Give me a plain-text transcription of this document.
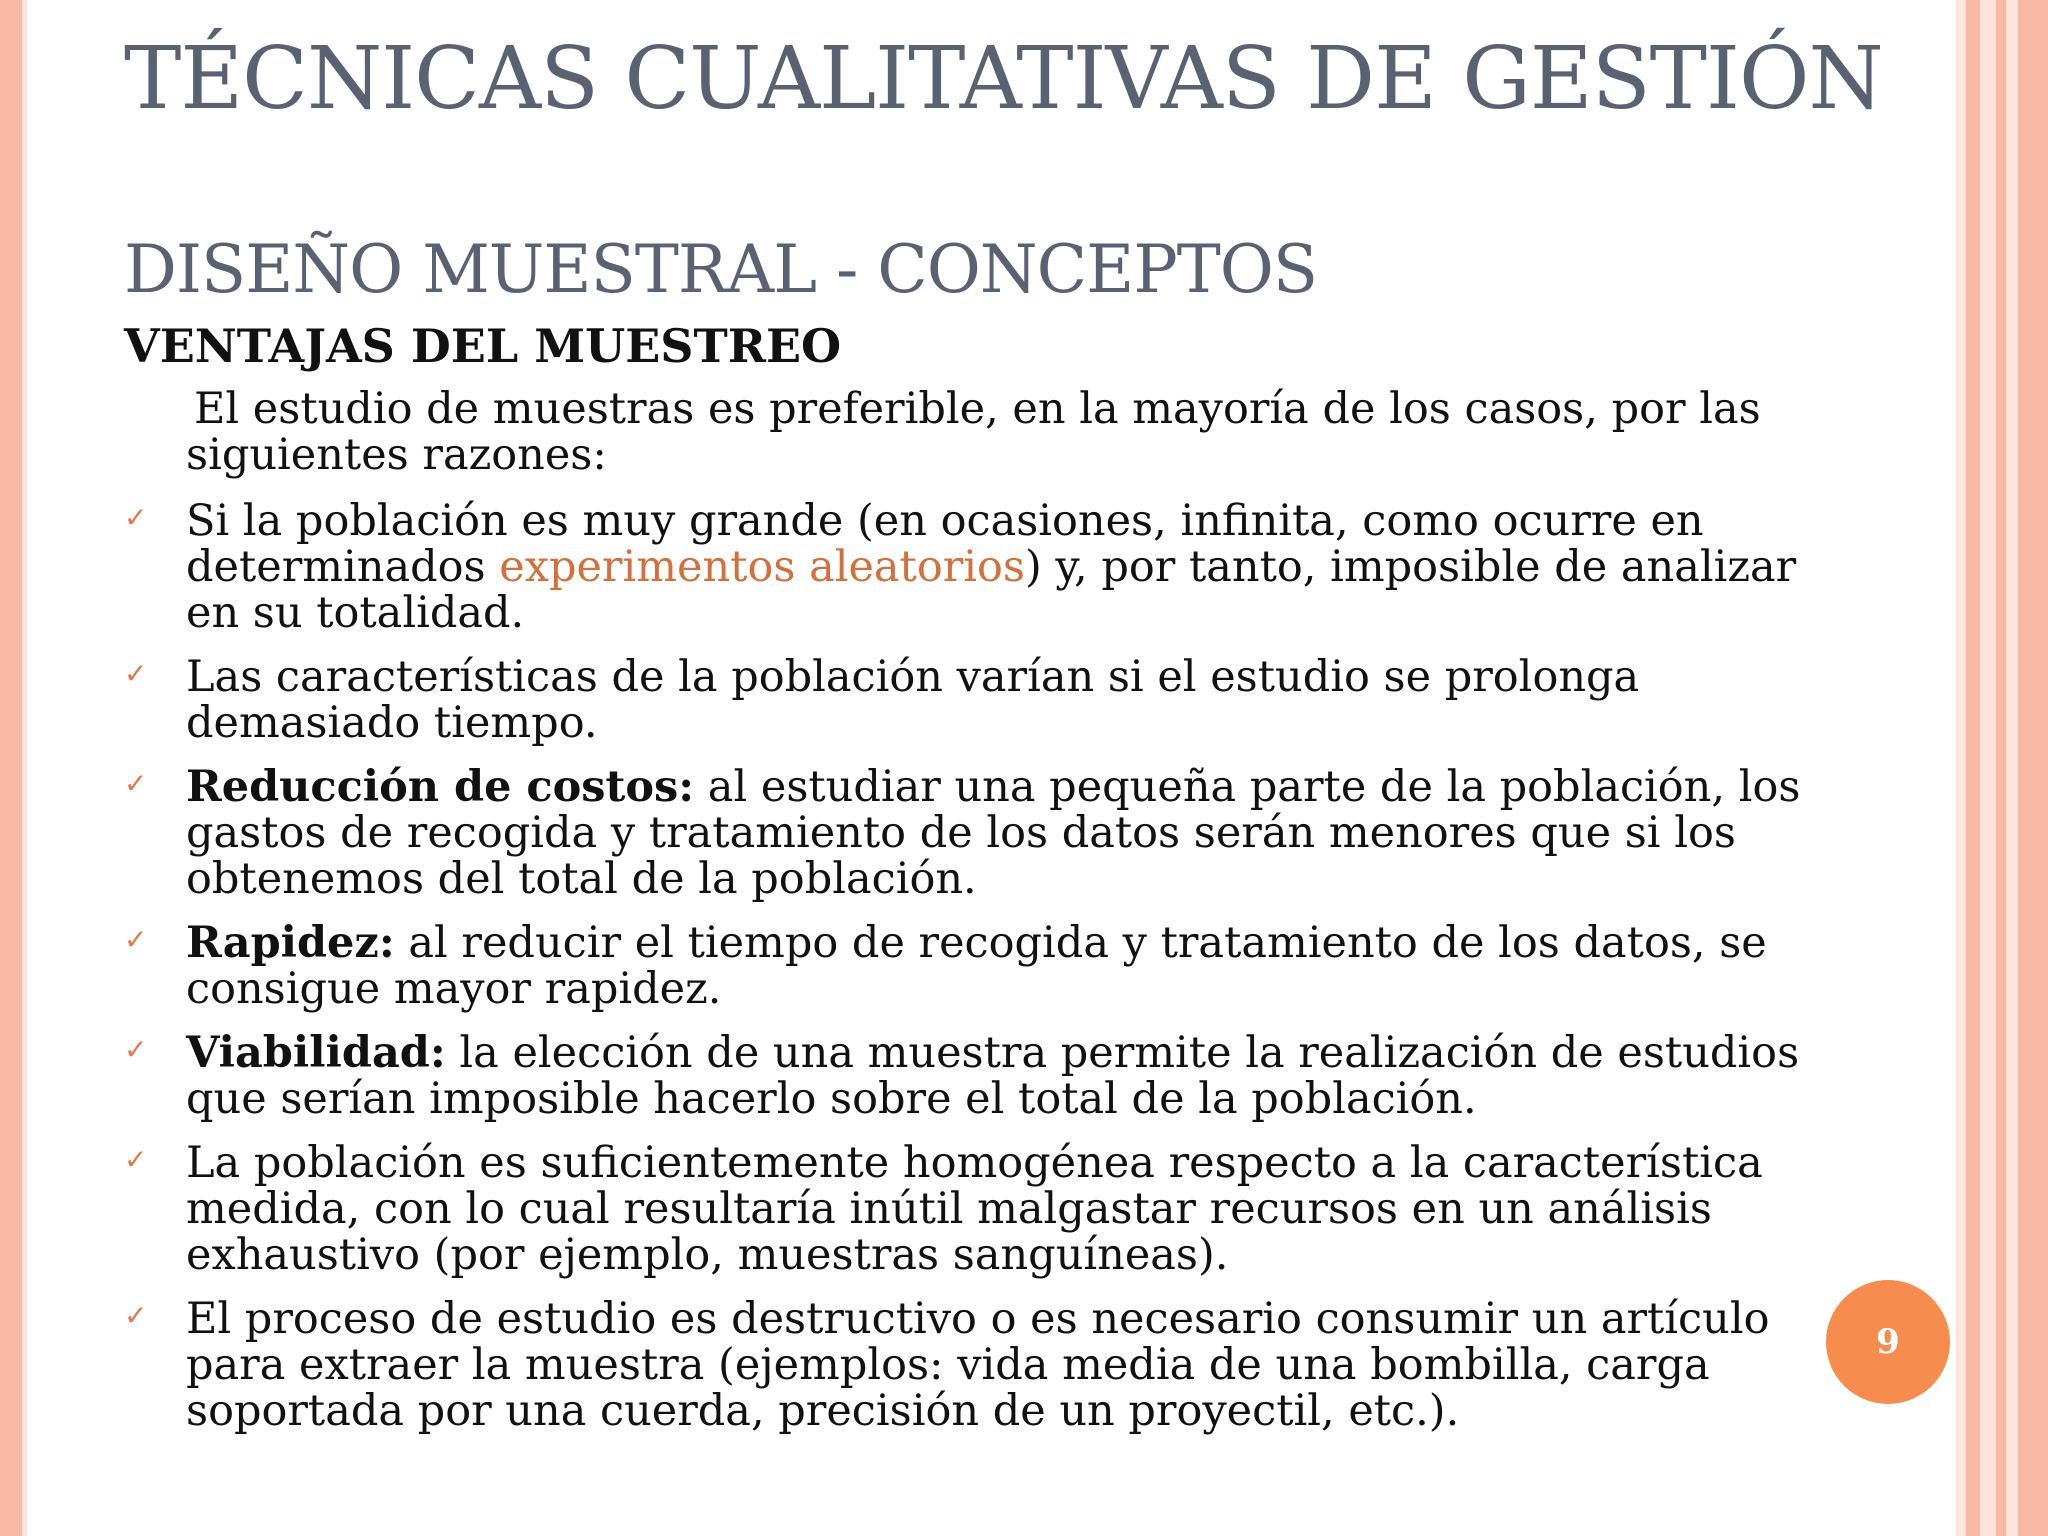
TÉCNICAS CUALITATIVAS DE GESTIÓN
DISEÑO MUESTRAL - CONCEPTOS
VENTAJAS DEL MUESTREO
El estudio de muestras es preferible, en la mayoría de los casos, por las siguientes razones:
✓ Si la población es muy grande (en ocasiones, infinita, como ocurre en determinados experimentos aleatorios) y, por tanto, imposible de analizar en su totalidad.
✓ Las características de la población varían si el estudio se prolonga demasiado tiempo.
✓ Reducción de costos: al estudiar una pequeña parte de la población, los gastos de recogida y tratamiento de los datos serán menores que si los obtenemos del total de la población.
✓ Rapidez: al reducir el tiempo de recogida y tratamiento de los datos, se consigue mayor rapidez.
✓ Viabilidad: la elección de una muestra permite la realización de estudios que serían imposible hacerlo sobre el total de la población.
✓ La población es suficientemente homogénea respecto a la característica medida, con lo cual resultaría inútil malgastar recursos en un análisis exhaustivo (por ejemplo, muestras sanguíneas).
✓ El proceso de estudio es destructivo o es necesario consumir un artículo para extraer la muestra (ejemplos: vida media de una bombilla, carga soportada por una cuerda, precisión de un proyectil, etc.).
9
